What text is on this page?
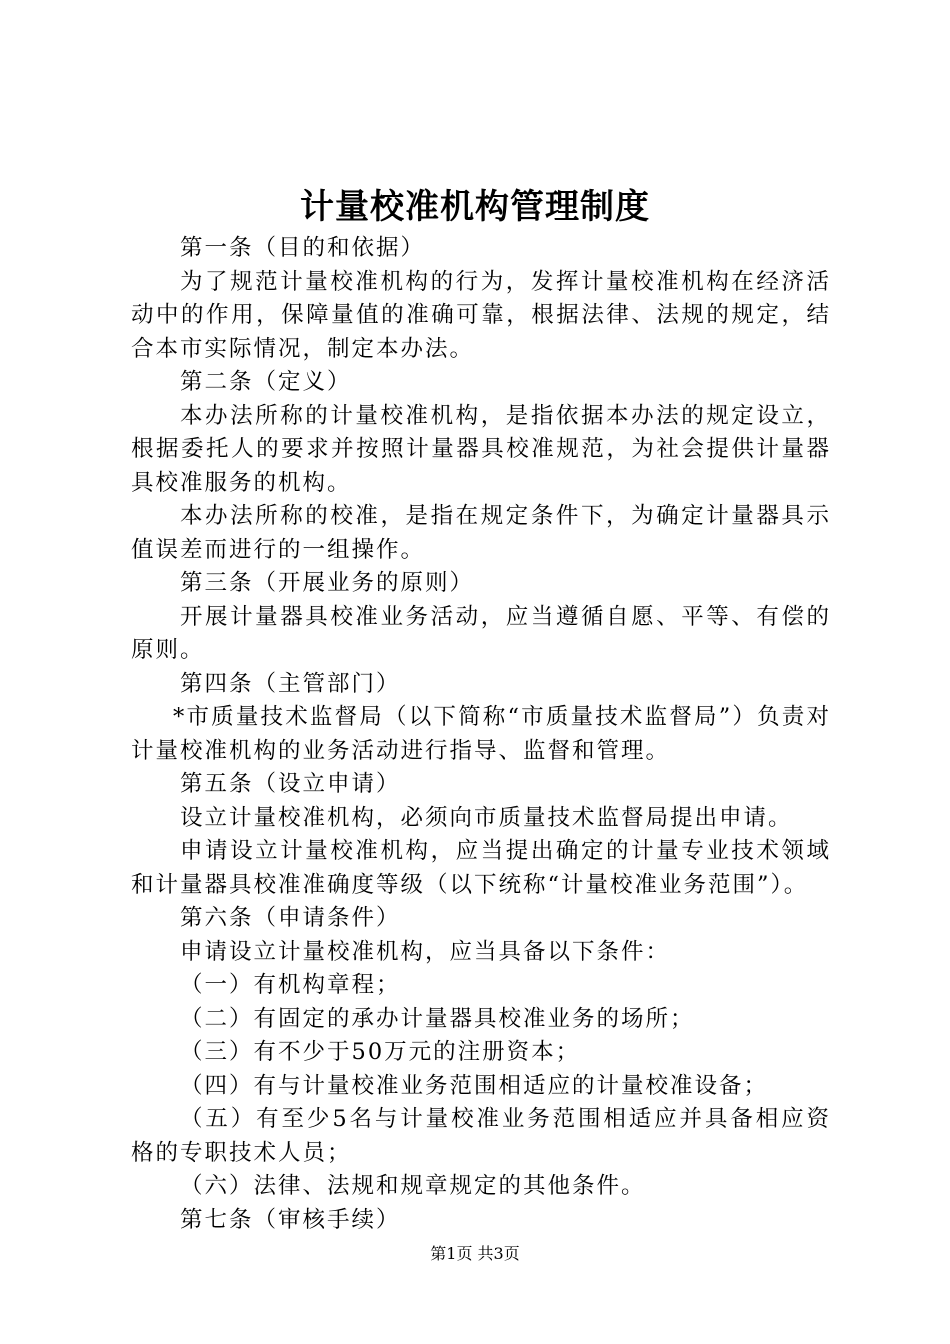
计量校准机构管理制度

第一条（目的和依据）

为了规范计量校准机构的行为，发挥计量校准机构在经济活动中的作用，保障量值的准确可靠，根据法律、法规的规定，结合本市实际情况，制定本办法。

第二条（定义）

本办法所称的计量校准机构，是指依据本办法的规定设立，根据委托人的要求并按照计量器具校准规范，为社会提供计量器具校准服务的机构。

本办法所称的校准，是指在规定条件下，为确定计量器具示值误差而进行的一组操作。

第三条（开展业务的原则）

开展计量器具校准业务活动，应当遵循自愿、平等、有偿的原则。

第四条（主管部门）

*市质量技术监督局（以下简称“市质量技术监督局”）负责对计量校准机构的业务活动进行指导、监督和管理。

第五条（设立申请）

设立计量校准机构，必须向市质量技术监督局提出申请。

申请设立计量校准机构，应当提出确定的计量专业技术领域和计量器具校准准确度等级（以下统称“计量校准业务范围”）。

第六条（申请条件）

申请设立计量校准机构，应当具备以下条件：

（一）有机构章程；

（二）有固定的承办计量器具校准业务的场所；

（三）有不少于50万元的注册资本；

（四）有与计量校准业务范围相适应的计量校准设备；

（五）有至少5名与计量校准业务范围相适应并具备相应资格的专职技术人员；

（六）法律、法规和规章规定的其他条件。

第七条（审核手续）

第1页 共3页
